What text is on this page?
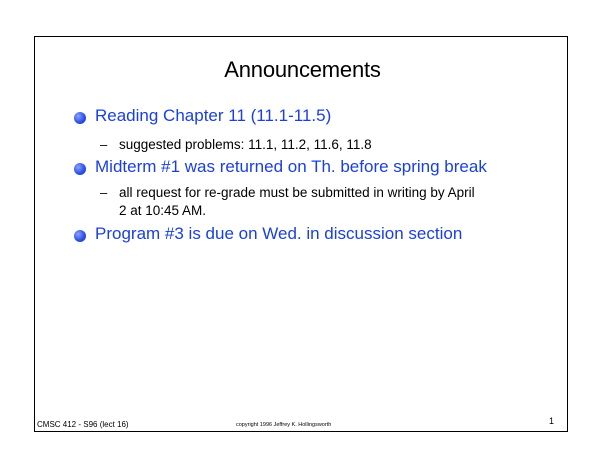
Announcements
Reading Chapter 11 (11.1-11.5)
– suggested problems: 11.1, 11.2, 11.6, 11.8
Midterm #1 was returned on Th. before spring break
– all request for re-grade must be submitted in writing by April
2 at 10:45 AM.
Program #3 is due on Wed. in discussion section
CMSC 412 - S96 (lect 16)	copyright 1996 Jeffrey K. Hollingsworth	1
